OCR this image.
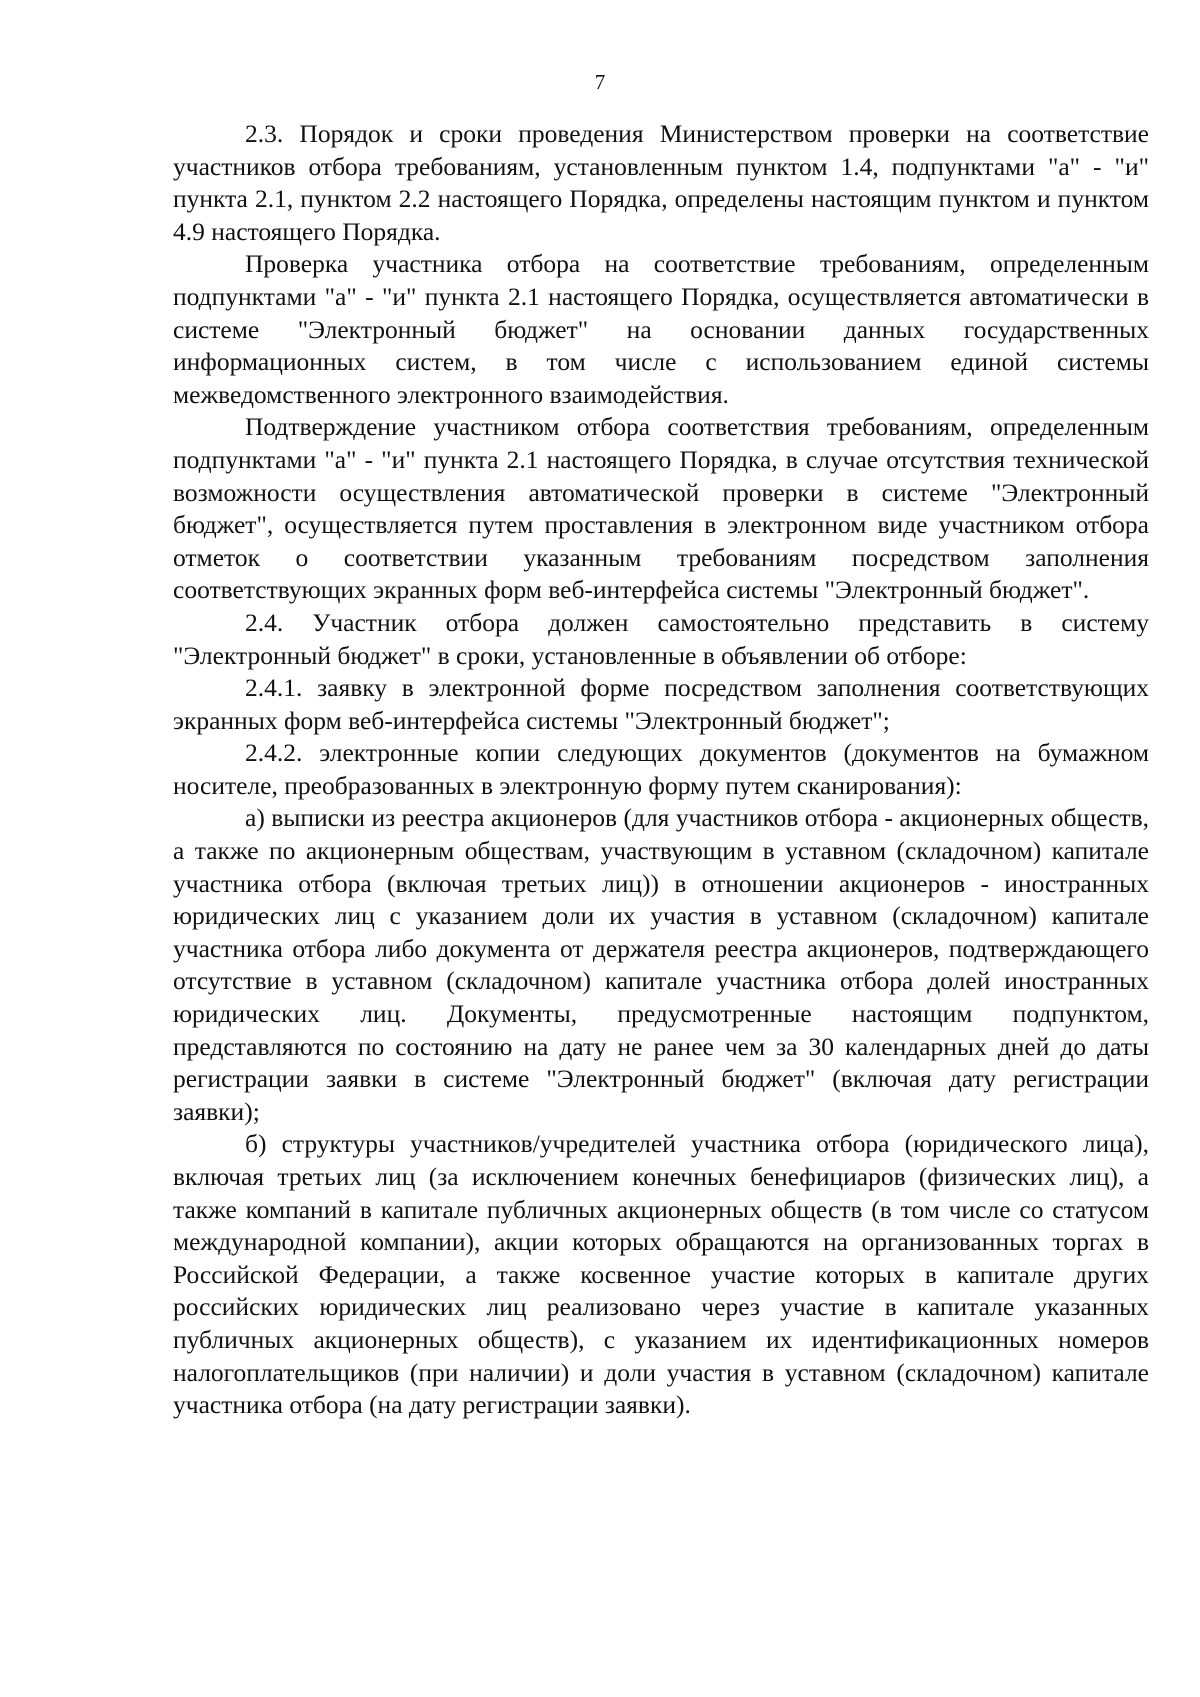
7

2.3. Порядок и сроки проведения Министерством проверки на соответствие участников отбора требованиям, установленным пунктом 1.4, подпунктами "а" - "и" пункта 2.1, пунктом 2.2 настоящего Порядка, определены настоящим пунктом и пунктом 4.9 настоящего Порядка.

Проверка участника отбора на соответствие требованиям, определенным подпунктами "а" - "и" пункта 2.1 настоящего Порядка, осуществляется автоматически в системе "Электронный бюджет" на основании данных государственных информационных систем, в том числе с использованием единой системы межведомственного электронного взаимодействия.

Подтверждение участником отбора соответствия требованиям, определенным подпунктами "а" - "и" пункта 2.1 настоящего Порядка, в случае отсутствия технической возможности осуществления автоматической проверки в системе "Электронный бюджет", осуществляется путем проставления в электронном виде участником отбора отметок о соответствии указанным требованиям посредством заполнения соответствующих экранных форм веб-интерфейса системы "Электронный бюджет".

2.4. Участник отбора должен самостоятельно представить в систему "Электронный бюджет" в сроки, установленные в объявлении об отборе:

2.4.1. заявку в электронной форме посредством заполнения соответствующих экранных форм веб-интерфейса системы "Электронный бюджет";

2.4.2. электронные копии следующих документов (документов на бумажном носителе, преобразованных в электронную форму путем сканирования):

а) выписки из реестра акционеров (для участников отбора - акционерных обществ, а также по акционерным обществам, участвующим в уставном (складочном) капитале участника отбора (включая третьих лиц)) в отношении акционеров - иностранных юридических лиц с указанием доли их участия в уставном (складочном) капитале участника отбора либо документа от держателя реестра акционеров, подтверждающего отсутствие в уставном (складочном) капитале участника отбора долей иностранных юридических лиц. Документы, предусмотренные настоящим подпунктом, представляются по состоянию на дату не ранее чем за 30 календарных дней до даты регистрации заявки в системе "Электронный бюджет" (включая дату регистрации заявки);

б) структуры участников/учредителей участника отбора (юридического лица), включая третьих лиц (за исключением конечных бенефициаров (физических лиц), а также компаний в капитале публичных акционерных обществ (в том числе со статусом международной компании), акции которых обращаются на организованных торгах в Российской Федерации, а также косвенное участие которых в капитале других российских юридических лиц реализовано через участие в капитале указанных публичных акционерных обществ), с указанием их идентификационных номеров налогоплательщиков (при наличии) и доли участия в уставном (складочном) капитале участника отбора (на дату регистрации заявки).
